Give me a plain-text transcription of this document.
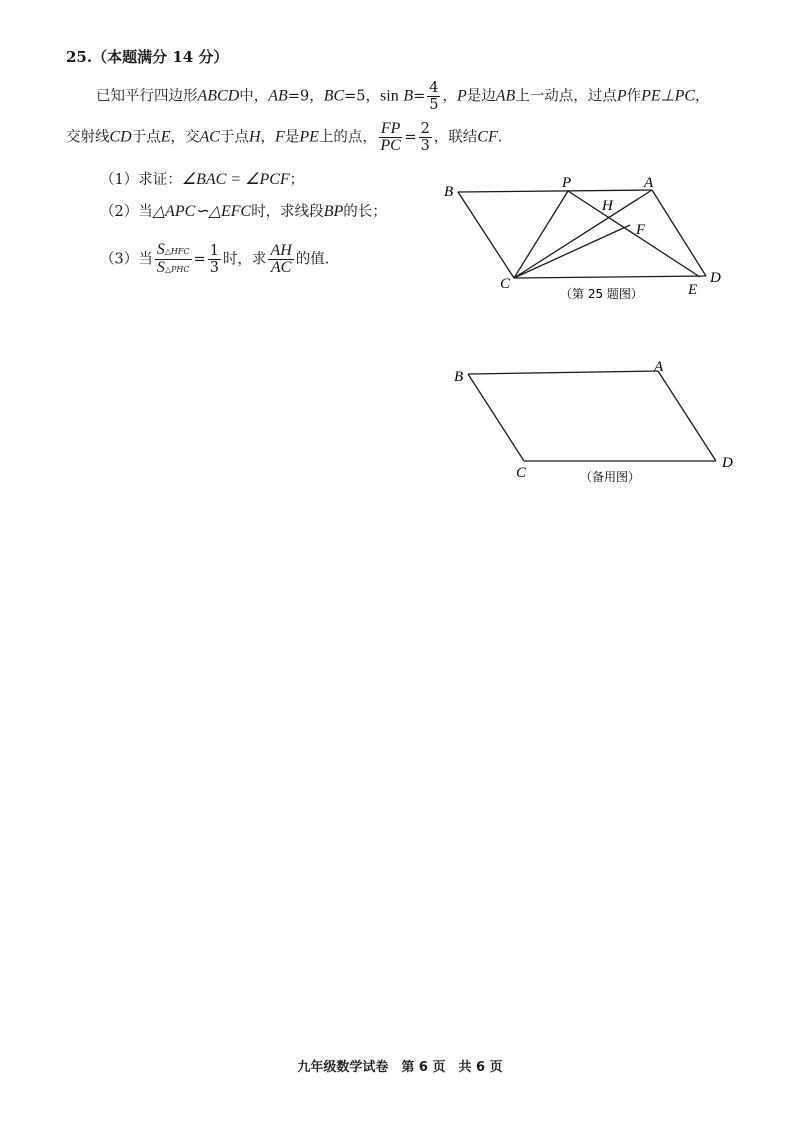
25.（本题满分 14 分）
已知平行四边形ABCD中，AB=9，BC=5，$\sin B= \frac{4}{5}$ ，P是边AB上一动点，过点P作PE⊥PC，
交射线CD于点E，交AC于点H，F是PE上的点， $\frac{FP}{PC} = \frac{2}{3}$ ，联结CF.
（1）求证：∠BAC = ∠PCF；
（2）当△APC∽△EFC时，求线段BP的长；
（3）当 $\frac{\text{S△HFC}}{\text{S△PHC}} = \frac{1}{3}$ 时，求 $\frac{AH}{AC}$ 的值.
B
P	A
H
F
C	D
E
（第 25 题图）
B
A
C
D
（备用图）
九年级数学试卷　第 6 页　共 6 页
